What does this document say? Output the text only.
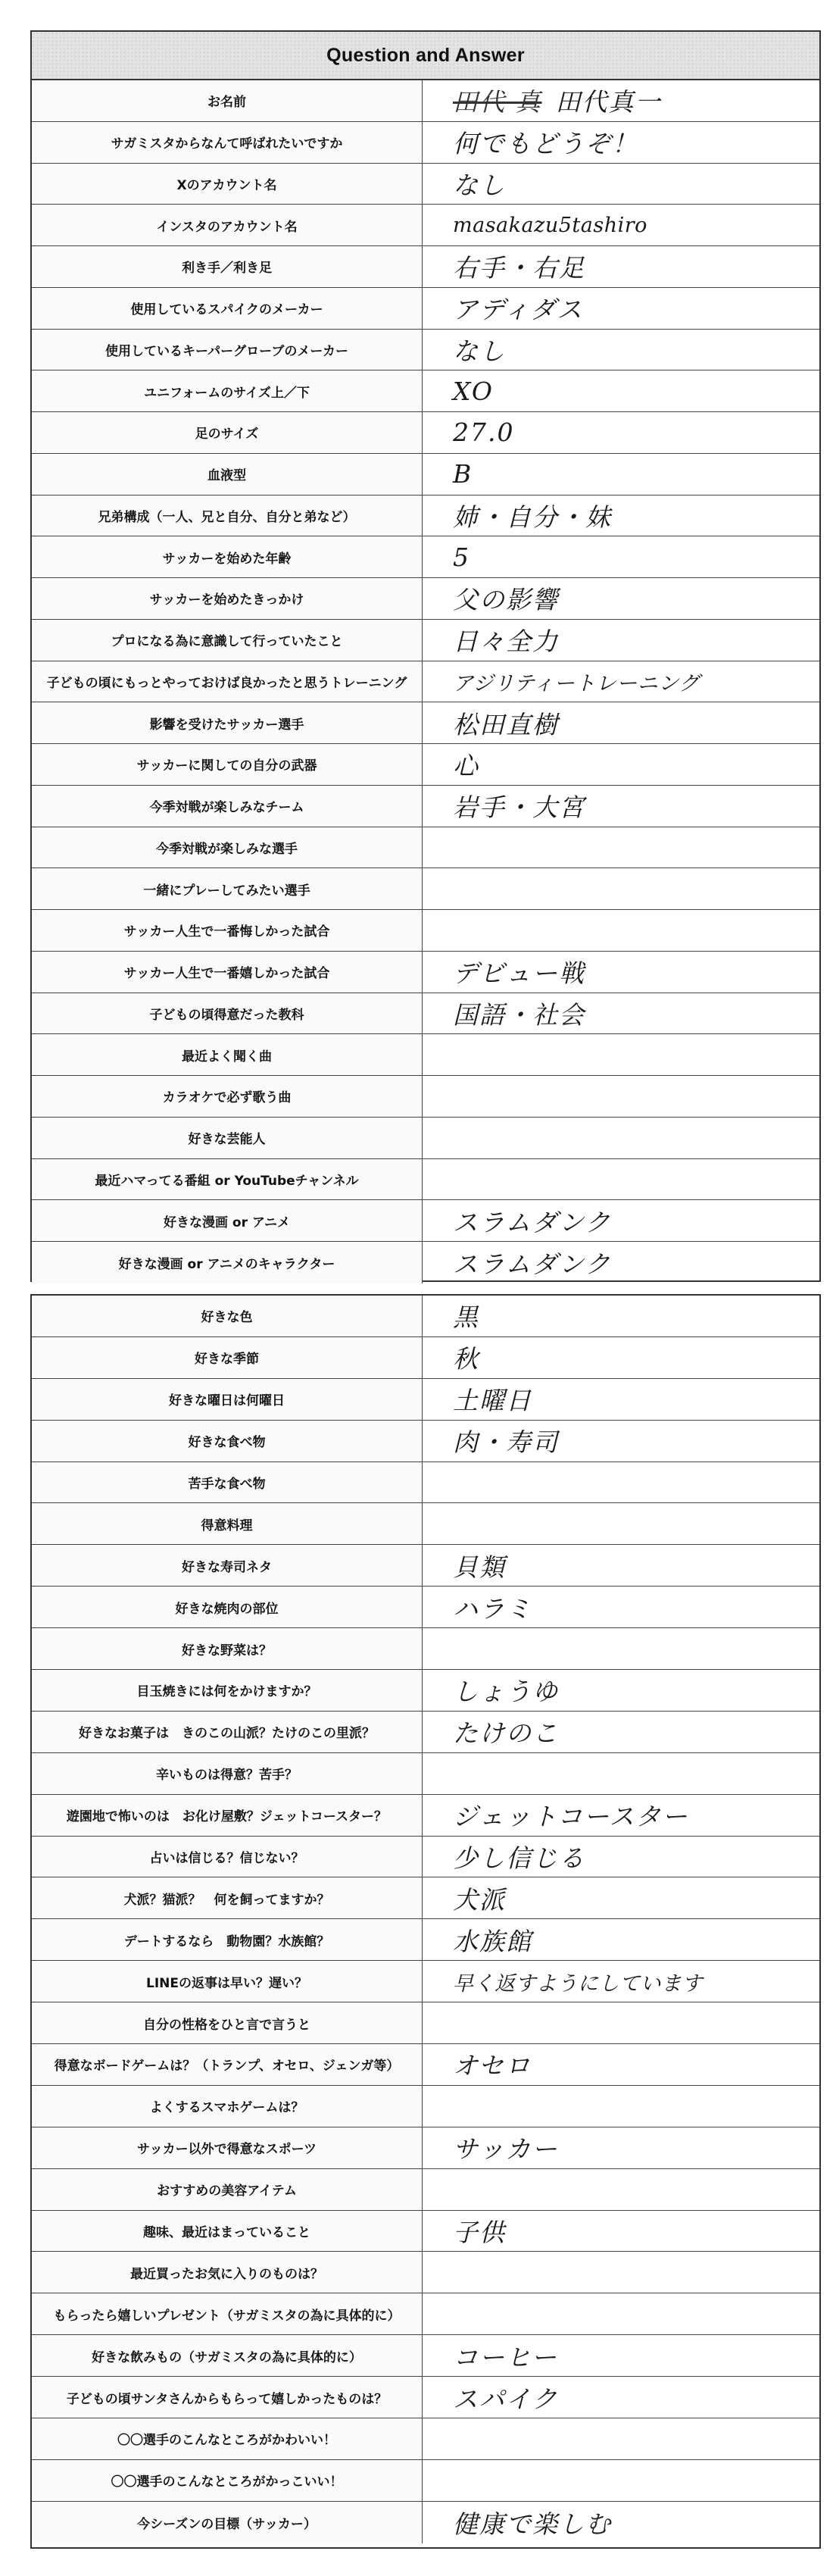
Question and Answer
お名前	田代 真 田代真一
サガミスタからなんて呼ばれたいですか	何でもどうぞ！
Xのアカウント名	なし
インスタのアカウント名	masakazu5tashiro
利き手／利き足	右手・右足
使用しているスパイクのメーカー	アディダス
使用しているキーパーグローブのメーカー	なし
ユニフォームのサイズ上／下	XO
足のサイズ	27.0
血液型	B
兄弟構成（一人、兄と自分、自分と弟など）	姉・自分・妹
サッカーを始めた年齢	5
サッカーを始めたきっかけ	父の影響
プロになる為に意識して行っていたこと	日々全力
子どもの頃にもっとやっておけば良かったと思うトレーニング	アジリティートレーニング
影響を受けたサッカー選手	松田直樹
サッカーに関しての自分の武器	心
今季対戦が楽しみなチーム	岩手・大宮
今季対戦が楽しみな選手
一緒にプレーしてみたい選手
サッカー人生で一番悔しかった試合
サッカー人生で一番嬉しかった試合	デビュー戦
子どもの頃得意だった教科	国語・社会
最近よく聞く曲
カラオケで必ず歌う曲
好きな芸能人
最近ハマってる番組 or YouTubeチャンネル
好きな漫画 or アニメ	スラムダンク
好きな漫画 or アニメのキャラクター	スラムダンク
好きな色	黒
好きな季節	秋
好きな曜日は何曜日	土曜日
好きな食べ物	肉・寿司
苦手な食べ物
得意料理
好きな寿司ネタ	貝類
好きな焼肉の部位	ハラミ
好きな野菜は？
目玉焼きには何をかけますか？	しょうゆ
好きなお菓子は　きのこの山派？たけのこの里派？	たけのこ
辛いものは得意？苦手？
遊園地で怖いのは　お化け屋敷？ジェットコースター？	ジェットコースター
占いは信じる？信じない？	少し信じる
犬派？猫派？　何を飼ってますか？	犬派
デートするなら　動物園？水族館？	水族館
LINEの返事は早い？遅い？	早く返すようにしています
自分の性格をひと言で言うと
得意なボードゲームは？（トランプ、オセロ、ジェンガ等）	オセロ
よくするスマホゲームは？
サッカー以外で得意なスポーツ	サッカー
おすすめの美容アイテム
趣味、最近はまっていること	子供
最近買ったお気に入りのものは？
もらったら嬉しいプレゼント（サガミスタの為に具体的に）
好きな飲みもの（サガミスタの為に具体的に）	コーヒー
子どもの頃サンタさんからもらって嬉しかったものは？	スパイク
〇〇選手のこんなところがかわいい！
〇〇選手のこんなところがかっこいい！
今シーズンの目標（サッカー）	健康で楽しむ
